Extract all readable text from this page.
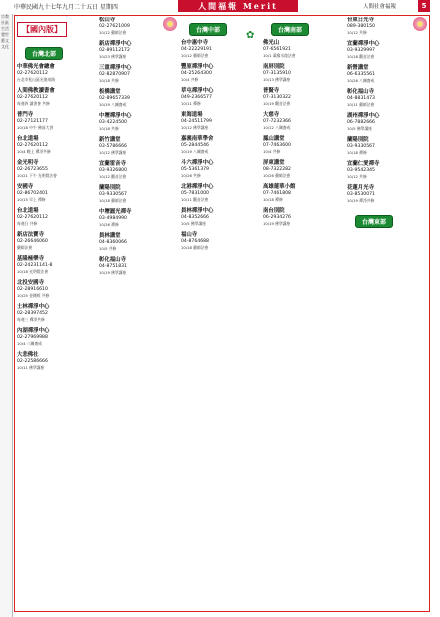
中華民國九十七年九月二十五日 星期四	人間福報 Merit Times
人間社會福報	5
宗教
社區
生活
覺世
藝文
文化
✿
【國內版】
台灣北部
中華佛光會總會
02-27620112
台北市松山區光復南路
人間佛教讀書會
02-27620112
每週四 讀書會 共修
普門寺
02-27121177
10/18 中午 佛前大供
台北道場
02-27620112
10/4 晚上 禪淨共修
金光明寺
02-26723655
10/21 下午 光明燈法會
安國寺
02-86702401
10/15 早上 禪修
台北道場
02-27620112
每週日 共修
新店法寶寺
02-26646060
藥師法會
基隆極樂寺
02-24231141-8
10/18 光明燈法會
北投安國寺
02-28916610
10/25 金剛經 共修
士林禪淨中心
02-28397452
每週三 禪淨共修
內湖禪淨中心
02-27969988
10/4 八關齋戒
大悲佛社
02-22586666
10/11 佛學講座
松山寺
02-27621009
10/12 藥師法會
新店禪淨中心
02-89112172
10/23 佛學講座
三重禪淨中心
02-82870907
10/18 共修
板橋講堂
02-89657339
10/19 八關齋戒
中壢禪淨中心
03-4224500
10/16 共修
新竹講堂
03-5786666
10/12 佛學講座
宜蘭雷音寺
03-9326800
10/12 觀音法會
蘭陽別院
03-9330567
10/18 藥師法會
中壢圓光禪寺
03-4984990
10/26 禪修
員林講堂
04-8360066
10/5 共修
彰化福山寺
04-8751831
10/19 佛學講座
台灣中部
台中惠中寺
04-22229191
10/12 藥師法會
豐原禪淨中心
04-25264300
10/4 共修
草屯禪淨中心
049-2366577
10/11 禪修
東海道場
04-24511799
10/12 佛學講座
嘉義南華學舍
05-2844546
10/19 八關齋戒
斗六禪淨中心
05-5361379
10/26 共修
北港禪淨中心
05-7831000
10/11 觀音法會
員林禪淨中心
04-8352666
10/5 佛學講座
福山寺
04-8764688
10/18 藥師法會
台灣南部
佛光山
07-6561921
10/1 萬緣水陸法會
南屏別院
07-3135910
10/13 佛學講座
普賢寺
07-3130322
10/19 觀音法會
大慈寺
07-7232366
10/12 八關齋戒
鳳山講堂
07-7463600
10/4 共修
屏東講堂
08-7322282
10/26 藥師法會
高雄蓮華小館
07-7461808
10/18 禪修
南台別院
06-2934276
10/19 佛學講座
台東日光寺
089-380150
10/12 共修
宜蘭禪淨中心
03-9329997
10/18 觀音法會
新營講堂
06-6335561
10/26 八關齋戒
彰化福山寺
04-8831473
10/11 藥師法會
湖州禪淨中心
06-7882666
10/5 佛學講座
蘭陽別院
03-9330567
10/18 禪修
宜蘭仁愛禪寺
03-9542345
10/12 共修
花蓮月光寺
03-8530071
10/19 禪淨共修
台灣東部
